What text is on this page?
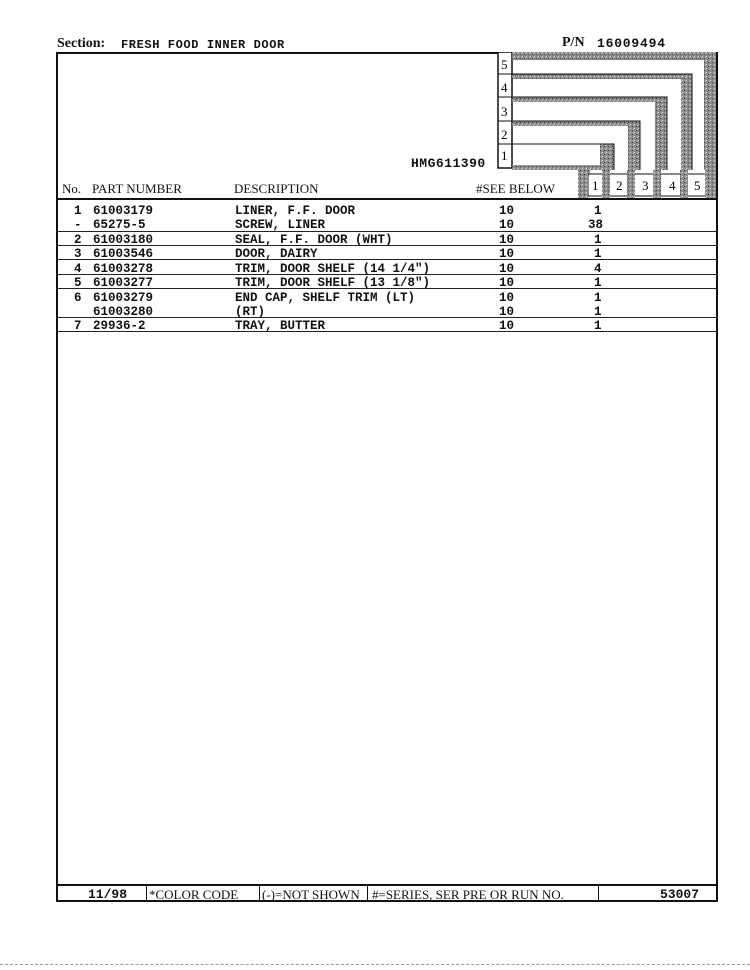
Section: FRESH FOOD INNER DOOR	P/N 16009494
HMG611390
5
4
3
2
1
1 2 3 4 5
No. PART NUMBER	DESCRIPTION	#SEE BELOW
1 61003179	LINER, F.F. DOOR	10	1
- 65275-5	SCREW, LINER	10	38
2 61003180	SEAL, F.F. DOOR (WHT)	10	1
3 61003546	DOOR, DAIRY	10	1
4 61003278	TRIM, DOOR SHELF (14 1/4")	10	4
5 61003277	TRIM, DOOR SHELF (13 1/8")	10	1
6 61003279	END CAP, SHELF TRIM (LT)	10	1
61003280	(RT)	10	1
7 29936-2	TRAY, BUTTER	10	1
11/98 *COLOR CODE (-)=NOT SHOWN #=SERIES, SER PRE OR RUN NO.	53007
